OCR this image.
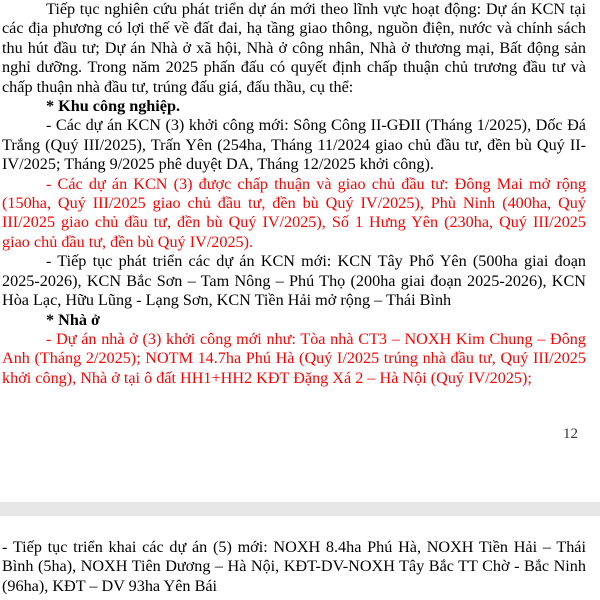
Tiếp tục nghiên cứu phát triển dự án mới theo lĩnh vực hoạt động: Dự án KCN tại các địa phương có lợi thế về đất đai, hạ tầng giao thông, nguồn điện, nước và chính sách thu hút đầu tư; Dự án Nhà ở xã hội, Nhà ở công nhân, Nhà ở thương mại, Bất động sản nghỉ dưỡng. Trong năm 2025 phấn đấu có quyết định chấp thuận chủ trương đầu tư và chấp thuận nhà đầu tư, trúng đấu giá, đấu thầu, cụ thể:

* Khu công nghiệp.

- Các dự án KCN (3) khởi công mới: Sông Công II-GĐII (Tháng 1/2025), Dốc Đá Trắng (Quý III/2025), Trấn Yên (254ha, Tháng 11/2024 giao chủ đầu tư, đền bù Quý II-IV/2025; Tháng 9/2025 phê duyệt DA, Tháng 12/2025 khởi công).

- Các dự án KCN (3) được chấp thuận và giao chủ đầu tư: Đông Mai mở rộng (150ha, Quý III/2025 giao chủ đầu tư, đền bù Quý IV/2025), Phù Ninh (400ha, Quý III/2025 giao chủ đầu tư, đền bù Quý IV/2025), Số 1 Hưng Yên (230ha, Quý III/2025 giao chủ đầu tư, đền bù Quý IV/2025).

- Tiếp tục phát triển các dự án KCN mới: KCN Tây Phổ Yên (500ha giai đoạn 2025-2026), KCN Bắc Sơn – Tam Nông – Phú Thọ (200ha giai đoạn 2025-2026), KCN Hòa Lạc, Hữu Lũng - Lạng Sơn, KCN Tiền Hải mở rộng – Thái Bình

* Nhà ở

- Dự án nhà ở (3) khởi công mới như: Tòa nhà CT3 – NOXH Kim Chung – Đông Anh (Tháng 2/2025); NOTM 14.7ha Phú Hà (Quý I/2025 trúng nhà đầu tư, Quý III/2025 khởi công), Nhà ở tại ô đất HH1+HH2 KĐT Đặng Xá 2 – Hà Nội (Quý IV/2025);

12

- Tiếp tục triển khai các dự án (5) mới: NOXH 8.4ha Phú Hà, NOXH Tiền Hải – Thái Bình (5ha), NOXH Tiên Dương – Hà Nội, KĐT-DV-NOXH Tây Bắc TT Chờ - Bắc Ninh (96ha), KĐT – DV 93ha Yên Bái
